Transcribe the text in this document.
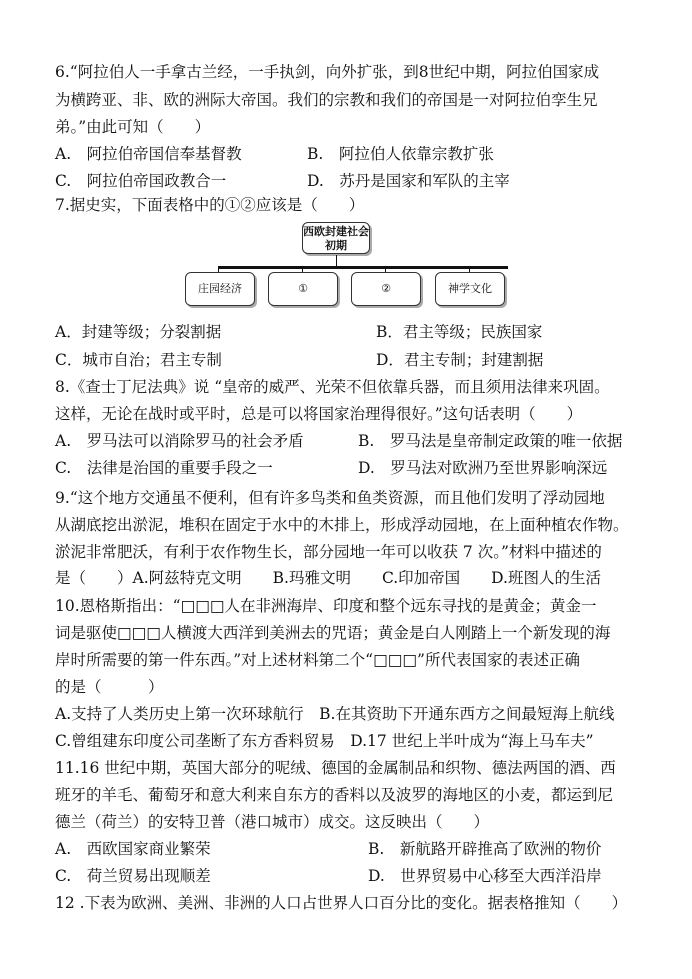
6.“阿拉伯人一手拿古兰经，一手执剑，向外扩张，到8世纪中期，阿拉伯国家成
为横跨亚、非、欧的洲际大帝国。我们的宗教和我们的帝国是一对阿拉伯孪生兄
弟。”由此可知（　　）
A.　阿拉伯帝国信奉基督教	B.　阿拉伯人依靠宗教扩张
C.　阿拉伯帝国政教合一	D.　苏丹是国家和军队的主宰
7.据史实，下面表格中的①②应该是（　　）
西欧封建社会
初期
庄园经济	①	②	神学文化
A．封建等级；分裂割据	B．君主等级；民族国家
C．城市自治；君主专制	D．君主专制；封建割据
8.《查士丁尼法典》说 “皇帝的威严、光荣不但依靠兵器，而且须用法律来巩固。
这样，无论在战时或平时，总是可以将国家治理得很好。”这句话表明（　　）
A.　罗马法可以消除罗马的社会矛盾	B.　罗马法是皇帝制定政策的唯一依据
C.　法律是治国的重要手段之一	D.　罗马法对欧洲乃至世界影响深远
9.“这个地方交通虽不便利，但有许多鸟类和鱼类资源，而且他们发明了浮动园地
从湖底挖出淤泥，堆积在固定于水中的木排上，形成浮动园地，在上面种植农作物。
淤泥非常肥沃，有利于农作物生长，部分园地一年可以收获 7 次。”材料中描述的
是（　　）A.阿兹特克文明　　B.玛雅文明　　C.印加帝国　　D.班图人的生活
10.恩格斯指出：“□□□人在非洲海岸、印度和整个远东寻找的是黄金；黄金一
词是驱使□□□人横渡大西洋到美洲去的咒语；黄金是白人刚踏上一个新发现的海
岸时所需要的第一件东西。”对上述材料第二个“□□□”所代表国家的表述正确
的是（　　　）
A.支持了人类历史上第一次环球航行　B.在其资助下开通东西方之间最短海上航线
C.曾组建东印度公司垄断了东方香料贸易　D.17 世纪上半叶成为“海上马车夫”
11.16 世纪中期，英国大部分的呢绒、德国的金属制品和织物、德法两国的酒、西
班牙的羊毛、葡萄牙和意大利来自东方的香料以及波罗的海地区的小麦，都运到尼
德兰（荷兰）的安特卫普（港口城市）成交。这反映出（　　）
A.　西欧国家商业繁荣	B.　新航路开辟推高了欧洲的物价
C.　荷兰贸易出现顺差	D.　世界贸易中心移至大西洋沿岸
12 .下表为欧洲、美洲、非洲的人口占世界人口百分比的变化。据表格推知（　　）
